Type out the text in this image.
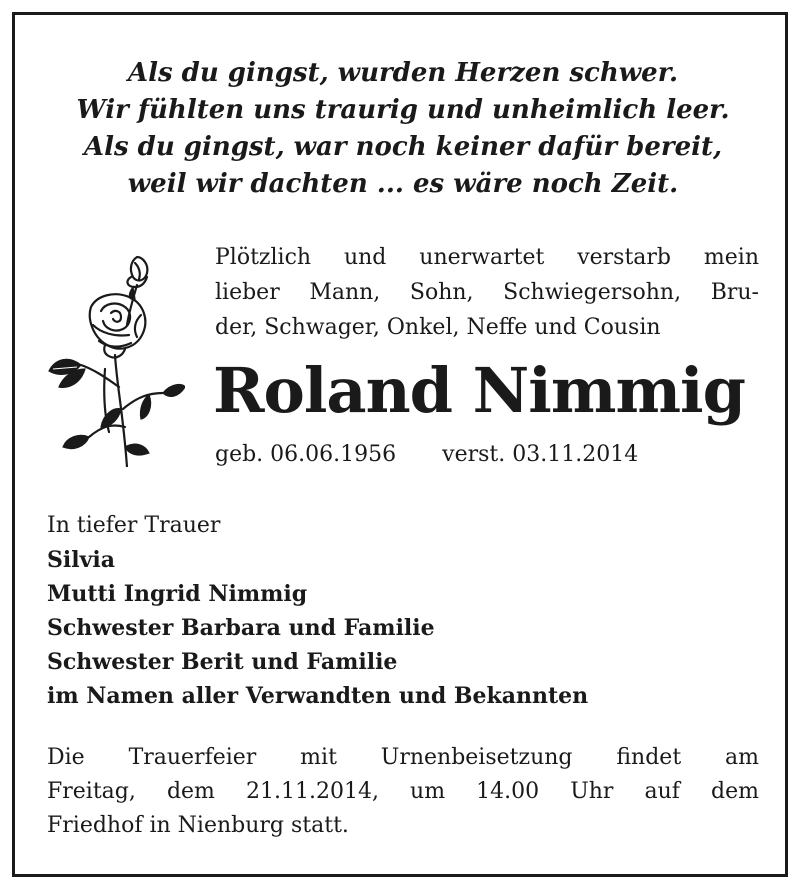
Als du gingst, wurden Herzen schwer.
Wir fühlten uns traurig und unheimlich leer.
Als du gingst, war noch keiner dafür bereit,
weil wir dachten ... es wäre noch Zeit.
Plötzlich und unerwartet verstarb mein
lieber Mann, Sohn, Schwiegersohn, Bru-
der, Schwager, Onkel, Neffe und Cousin
Roland Nimmig
geb. 06.06.1956 verst. 03.11.2014
In tiefer Trauer
Silvia
Mutti Ingrid Nimmig
Schwester Barbara und Familie
Schwester Berit und Familie
im Namen aller Verwandten und Bekannten
Die Trauerfeier mit Urnenbeisetzung findet am
Freitag, dem 21.11.2014, um 14.00 Uhr auf dem
Friedhof in Nienburg statt.
